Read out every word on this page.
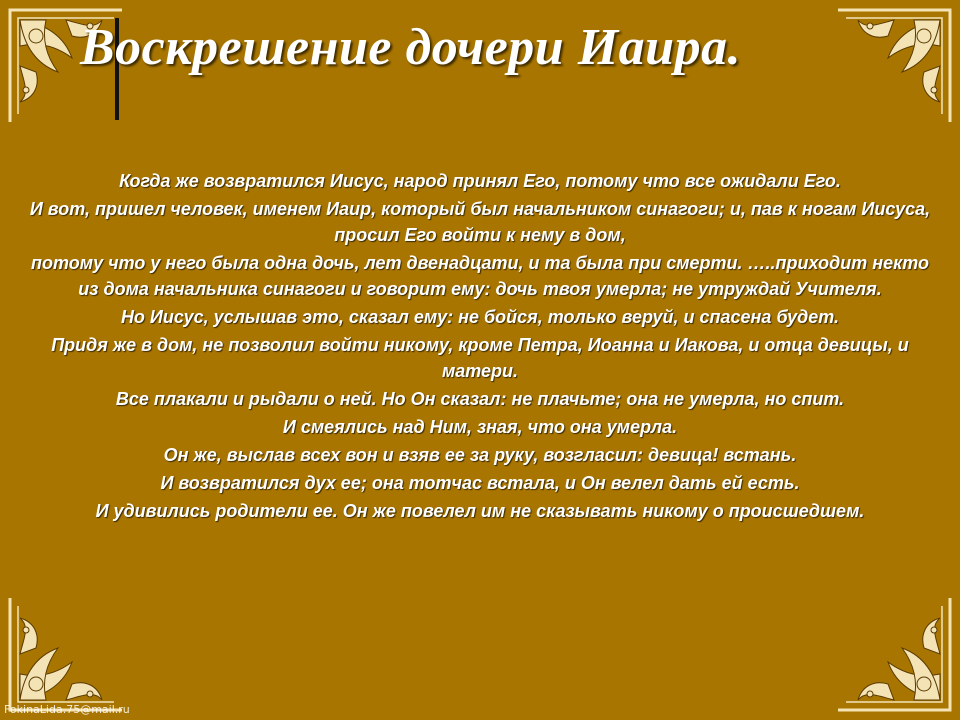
Воскрешение дочери Иаира.

Когда же возвратился Иисус, народ принял Его, потому что все ожидали Его.

И вот, пришел человек, именем Иаир, который был начальником синагоги; и, пав к ногам Иисуса, просил Его войти к нему в дом,

потому что у него была одна дочь, лет двенадцати, и та была при смерти. …..приходит некто из дома начальника синагоги и говорит ему: дочь твоя умерла; не утруждай Учителя.

Но Иисус, услышав это, сказал ему: не бойся, только веруй, и спасена будет.

Придя же в дом, не позволил войти никому, кроме Петра, Иоанна и Иакова, и отца девицы, и матери.

Все плакали и рыдали о ней. Но Он сказал: не плачьте; она не умерла, но спит.

И смеялись над Ним, зная, что она умерла.

Он же, выслав всех вон и взяв ее за руку, возгласил: девица! встань.

И возвратился дух ее; она тотчас встала, и Он велел дать ей есть.

И удивились родители ее. Он же повелел им не сказывать никому о происшедшем.

FokinaLida.75@mail.ru
